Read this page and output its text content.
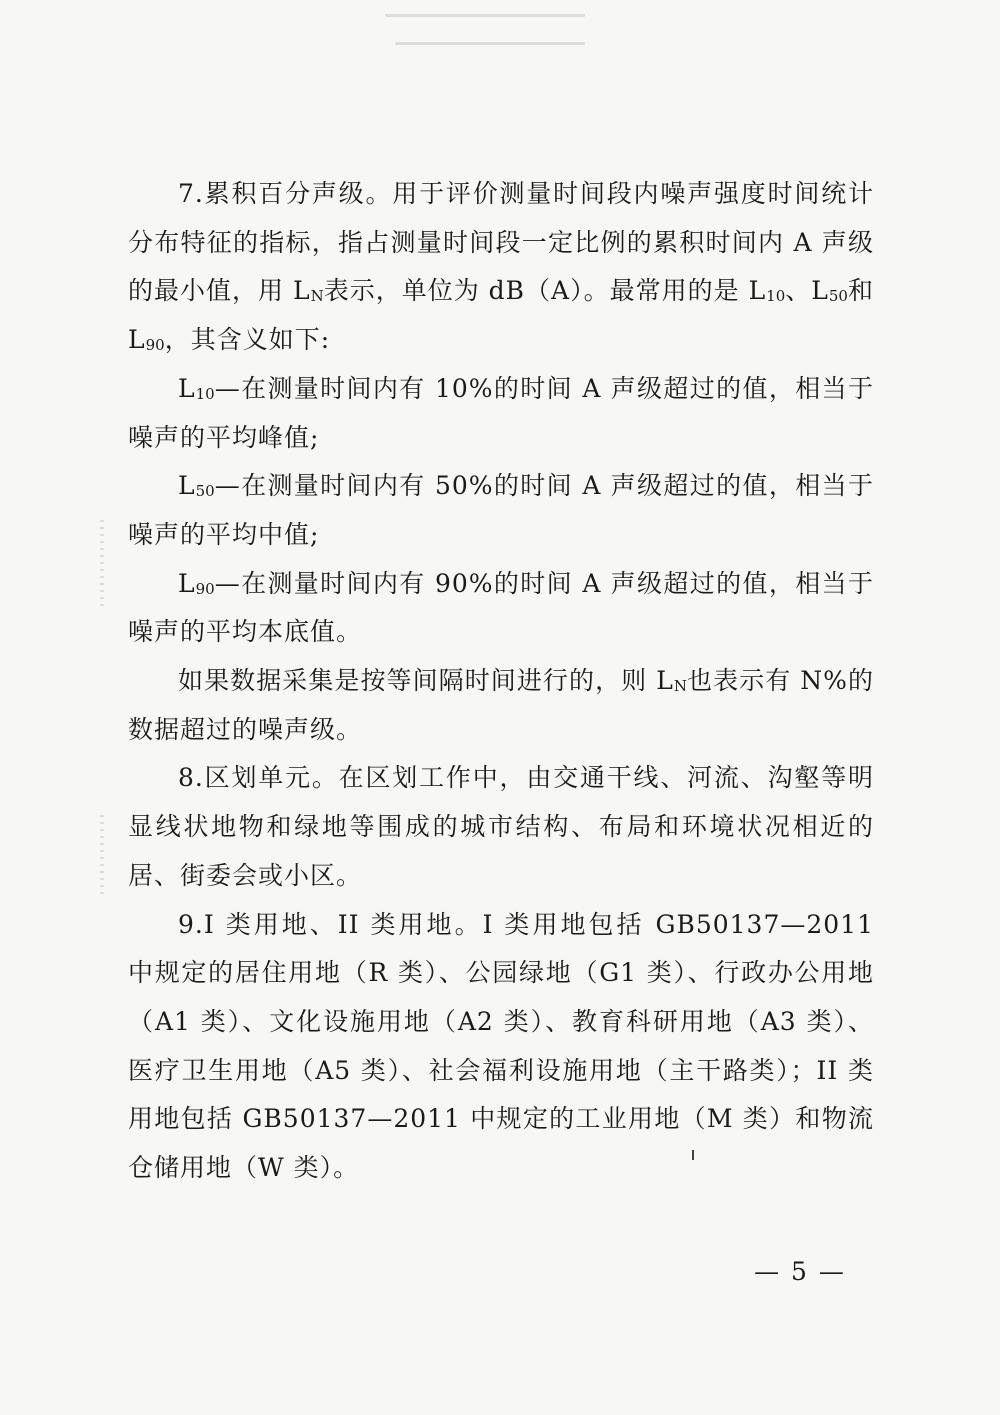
7.累积百分声级。用于评价测量时间段内噪声强度时间统计分布特征的指标，指占测量时间段一定比例的累积时间内 A 声级的最小值，用 $L_N$表示，单位为 dB（A）。最常用的是 $L_{10}$、$L_{50}$和 $L_{90}$，其含义如下:

$L_{10}—$在测量时间内有 10%的时间 A 声级超过的值，相当于噪声的平均峰值;

$L_{50}—$在测量时间内有 50%的时间 A 声级超过的值，相当于噪声的平均中值;

$L_{90}—$在测量时间内有 90%的时间 A 声级超过的值，相当于噪声的平均本底值。

如果数据采集是按等间隔时间进行的，则 $L_N$也表示有 N%的数据超过的噪声级。

8.区划单元。在区划工作中，由交通干线、河流、沟壑等明显线状地物和绿地等围成的城市结构、布局和环境状况相近的居、街委会或小区。

9.I 类用地、II 类用地。I 类用地包括 GB50137—2011 中规定的居住用地（R 类）、公园绿地（G1 类）、行政办公用地（A1 类）、文化设施用地（A2 类）、教育科研用地（A3 类）、医疗卫生用地（A5 类）、社会福利设施用地（主干路类）；II 类用地包括 GB50137—2011 中规定的工业用地（M 类）和物流仓储用地（W 类）。

— 5 —
